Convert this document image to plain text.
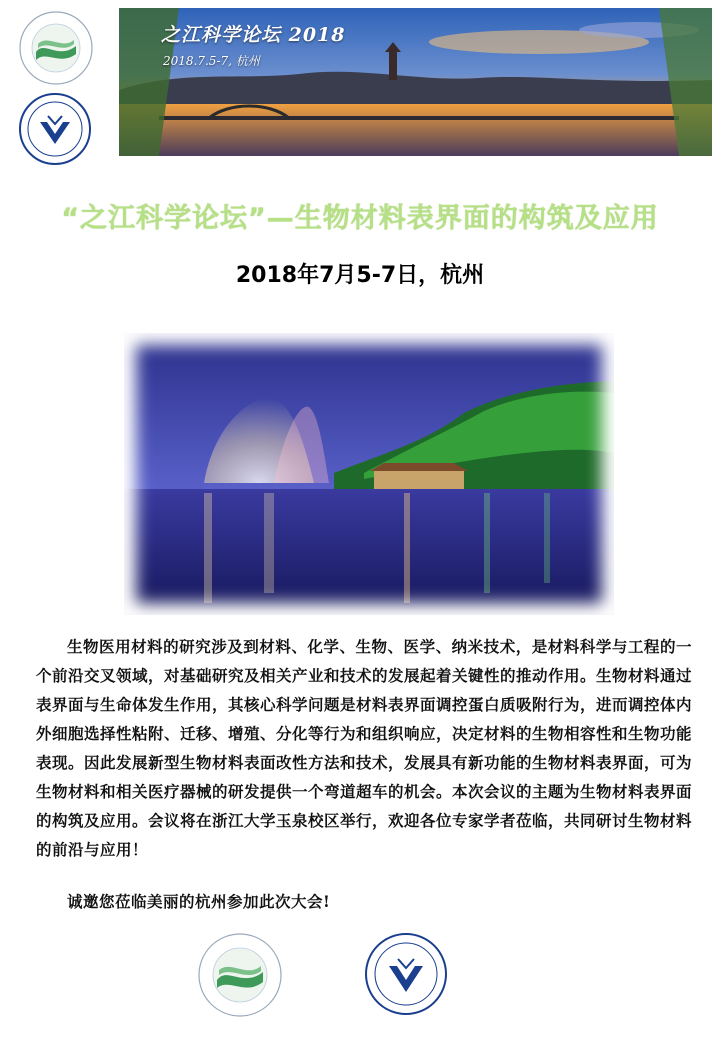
之江科学论坛 2018
2018.7.5-7, 杭州
“之江科学论坛”—生物材料表界面的构筑及应用
2018年7月5-7日，杭州

生物医用材料的研究涉及到材料、化学、生物、医学、纳米技术，是材料科学与工程的一个前沿交叉领域，对基础研究及相关产业和技术的发展起着关键性的推动作用。生物材料通过表界面与生命体发生作用，其核心科学问题是材料表界面调控蛋白质吸附行为，进而调控体内外细胞选择性粘附、迁移、增殖、分化等行为和组织响应，决定材料的生物相容性和生物功能表现。因此发展新型生物材料表面改性方法和技术，发展具有新功能的生物材料表界面，可为生物材料和相关医疗器械的研发提供一个弯道超车的机会。本次会议的主题为生物材料表界面的构筑及应用。会议将在浙江大学玉泉校区举行，欢迎各位专家学者莅临，共同研讨生物材料的前沿与应用！

诚邀您莅临美丽的杭州参加此次大会!
